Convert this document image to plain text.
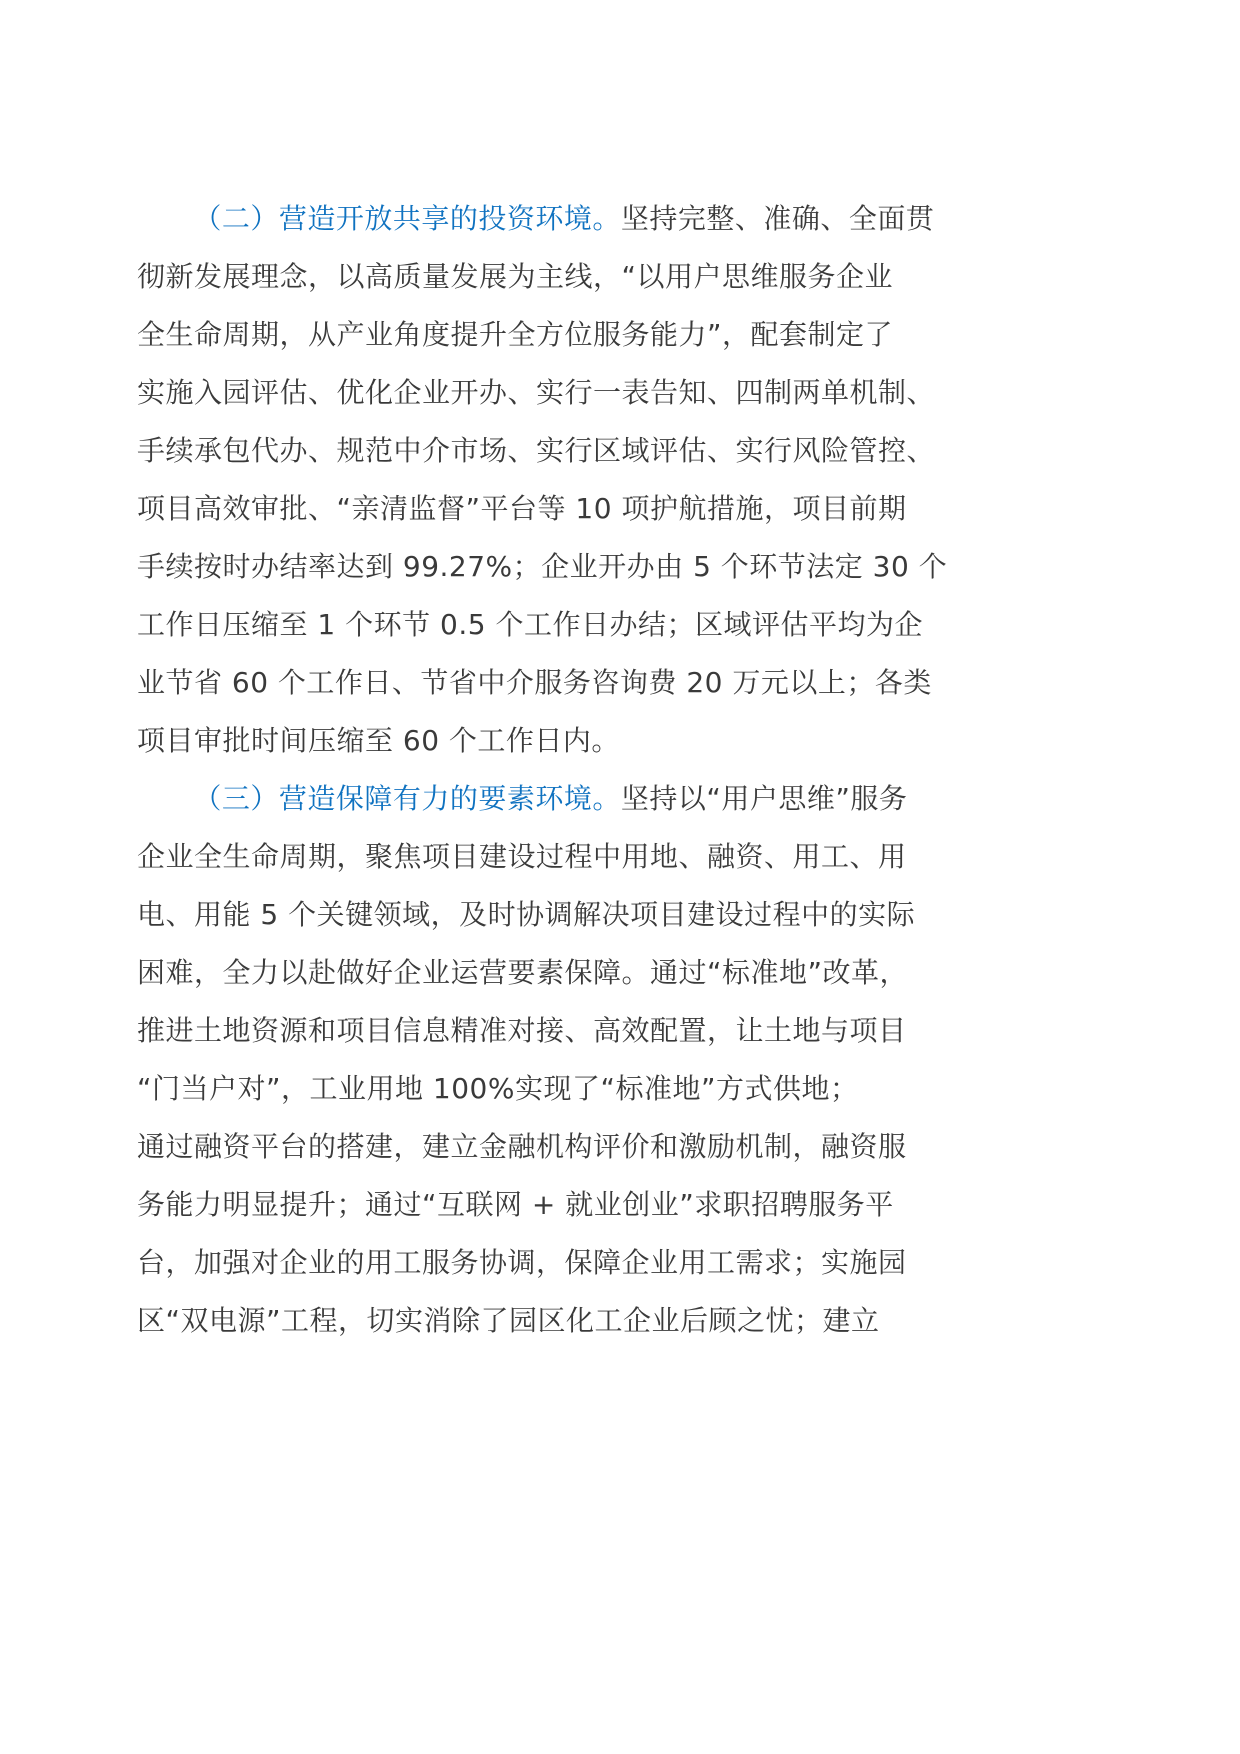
（二）营造开放共享的投资环境。坚持完整、准确、全面贯
彻新发展理念，以高质量发展为主线，“以用户思维服务企业
全生命周期，从产业角度提升全方位服务能力”，配套制定了
实施入园评估、优化企业开办、实行一表告知、四制两单机制、
手续承包代办、规范中介市场、实行区域评估、实行风险管控、
项目高效审批、“亲清监督”平台等 10 项护航措施，项目前期
手续按时办结率达到 99.27%；企业开办由 5 个环节法定 30 个
工作日压缩至 1 个环节 0.5 个工作日办结；区域评估平均为企
业节省 60 个工作日、节省中介服务咨询费 20 万元以上；各类
项目审批时间压缩至 60 个工作日内。
（三）营造保障有力的要素环境。坚持以“用户思维”服务
企业全生命周期，聚焦项目建设过程中用地、融资、用工、用
电、用能 5 个关键领域，及时协调解决项目建设过程中的实际
困难，全力以赴做好企业运营要素保障。通过“标准地”改革，
推进土地资源和项目信息精准对接、高效配置，让土地与项目
“门当户对”，工业用地 100%实现了“标准地”方式供地；
通过融资平台的搭建，建立金融机构评价和激励机制，融资服
务能力明显提升；通过“互联网 + 就业创业”求职招聘服务平
台，加强对企业的用工服务协调，保障企业用工需求；实施园
区“双电源”工程，切实消除了园区化工企业后顾之忧；建立
